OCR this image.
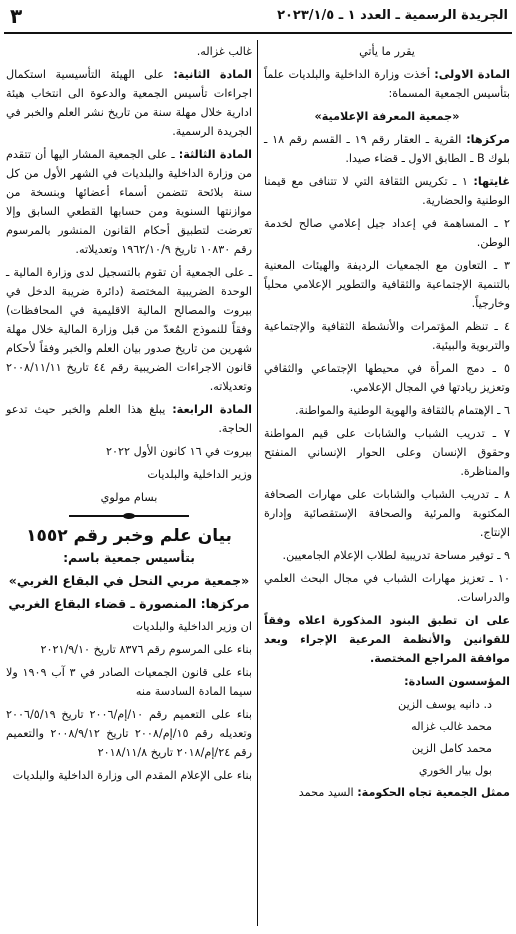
الجريدة الرسمية ـ العدد ١ ـ ٢٠٢٣/١/٥
٣

يقرر ما يأتي

المادة الاولى: أخذت وزارة الداخلية والبلديات علماً بتأسيس الجمعية المسماة:

«جمعية المعرفة الإعلامية»

مركزها: القرية ـ العقار رقم ١٩ ـ القسم رقم ١٨ ـ بلوك B ـ الطابق الاول ـ قضاء صيدا.

غايتها: ١ ـ تكريس الثقافة التي لا تتنافى مع قيمنا الوطنية والحضارية.

٢ ـ المساهمة في إعداد جيل إعلامي صالح لخدمة الوطن.

٣ ـ التعاون مع الجمعيات الرديفة والهيئات المعنية بالتنمية الإجتماعية والثقافية والتطوير الإعلامي محلياً وخارجياً.

٤ ـ تنظم المؤتمرات والأنشطة الثقافية والإجتماعية والتربوية والبيئية.

٥ ـ دمج المرأة في محيطها الإجتماعي والثقافي وتعزيز ريادتها في المجال الإعلامي.

٦ ـ الإهتمام بالثقافة والهوية الوطنية والمواطنة.

٧ ـ تدريب الشباب والشابات على قيم المواطنة وحقوق الإنسان وعلى الحوار الإنساني المنفتح والمناظرة.

٨ ـ تدريب الشباب والشابات على مهارات الصحافة المكتوبة والمرئية والصحافة الإستقصائية وإدارة الإنتاج.

٩ ـ توفير مساحة تدريبية لطلاب الإعلام الجامعيين.

١٠ ـ تعزيز مهارات الشباب في مجال البحث العلمي والدراسات.

على ان تطبق البنود المذكورة اعلاه وفقاً للقوانين والأنظمة المرعية الإجراء وبعد موافقة المراجع المختصة.

المؤسسون السادة:

د. دانيه يوسف الزين

محمد غالب غزاله

محمد كامل الزين

بول بيار الخوري

ممثل الجمعية تجاه الحكومة: السيد محمد

غالب غزاله.

المادة الثانية: على الهيئة التأسيسية استكمال اجراءات تأسيس الجمعية والدعوة الى انتخاب هيئة ادارية خلال مهلة سنة من تاريخ نشر العلم والخبر في الجريدة الرسمية.

المادة الثالثة: ـ على الجمعية المشار اليها أن تتقدم من وزارة الداخلية والبلديات في الشهر الأول من كل سنة بلائحة تتضمن أسماء أعضائها وبنسخة من موازنتها السنوية ومن حسابها القطعي السابق وإلا تعرضت لتطبيق أحكام القانون المنشور بالمرسوم رقم ١٠٨٣٠ تاريخ ١٩٦٢/١٠/٩ وتعديلاته.

ـ على الجمعية أن تقوم بالتسجيل لدى وزارة المالية ـ الوحدة الضريبية المختصة (دائرة ضريبة الدخل في بيروت والمصالح المالية الاقليمية في المحافظات) وفقاً للنموذج المُعدّ من قبل وزارة المالية خلال مهلة شهرين من تاريخ صدور بيان العلم والخبر وفقاً لأحكام قانون الاجراءات الضريبية رقم ٤٤ تاريخ ٢٠٠٨/١١/١١ وتعديلاته.

المادة الرابعة: يبلغ هذا العلم والخبر حيث تدعو الحاجة.

بيروت في ١٦ كانون الأول ٢٠٢٢

وزير الداخلية والبلديات

بسام مولوي

بيان علم وخبر رقم ١٥٥٢

بتأسيس جمعية باسم:

«جمعية مربي النحل في البقاع الغربي»

مركزها: المنصورة ـ قضاء البقاع الغربي

ان وزير الداخلية والبلديات

بناء على المرسوم رقم ٨٣٧٦ تاريخ ٢٠٢١/٩/١٠

بناء على قانون الجمعيات الصادر في ٣ آب ١٩٠٩ ولا سيما المادة السادسة منه

بناء على التعميم رقم ١٠/إم/٢٠٠٦ تاريخ ٢٠٠٦/٥/١٩ وتعديله رقم ١٥/إم/٢٠٠٨ تاريخ ٢٠٠٨/٩/١٢ والتعميم رقم ٢٤/إم/٢٠١٨ تاريخ ٢٠١٨/١١/٨

بناء على الإعلام المقدم الى وزارة الداخلية والبلديات
